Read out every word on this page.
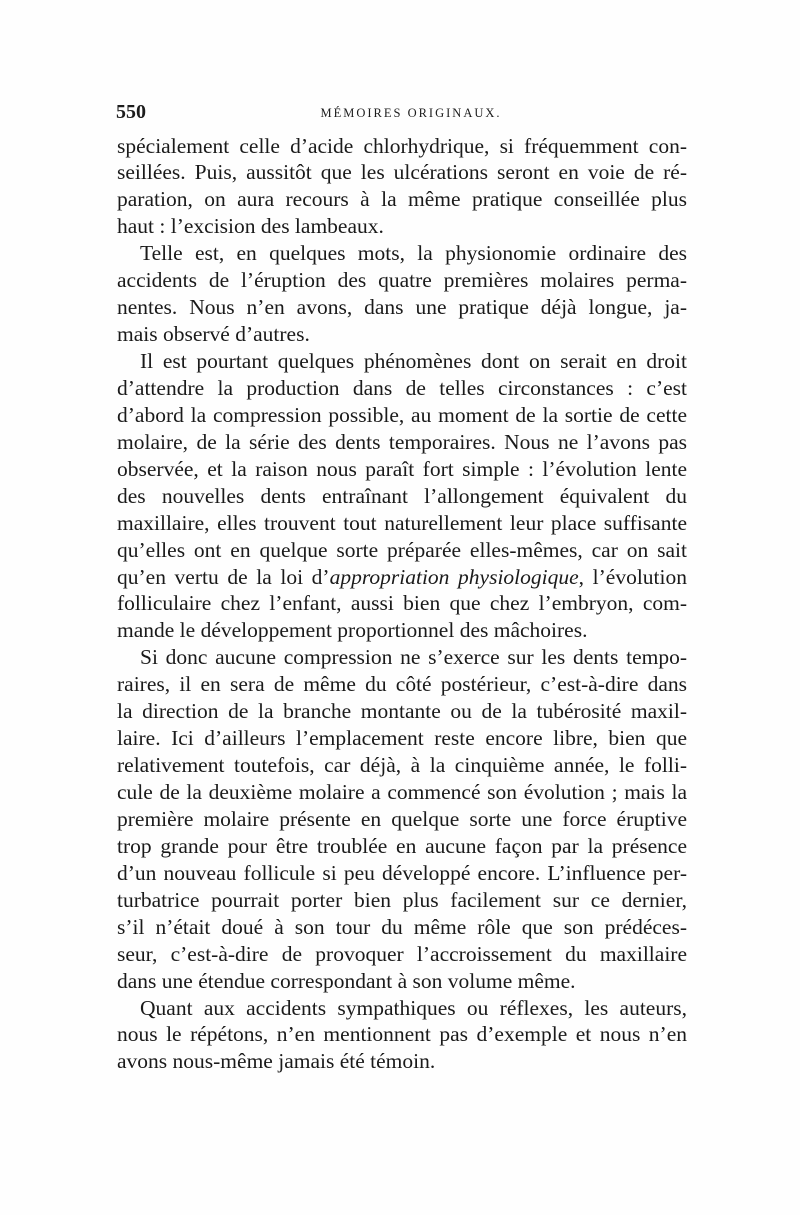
550	MÉMOIRES ORIGINAUX.
spécialement celle d’acide chlorhydrique, si fréquemment con-
seillées. Puis, aussitôt que les ulcérations seront en voie de ré-
paration, on aura recours à la même pratique conseillée plus
haut : l’excision des lambeaux.
Telle est, en quelques mots, la physionomie ordinaire des
accidents de l’éruption des quatre premières molaires perma-
nentes. Nous n’en avons, dans une pratique déjà longue, ja-
mais observé d’autres.
Il est pourtant quelques phénomènes dont on serait en droit
d’attendre la production dans de telles circonstances : c’est
d’abord la compression possible, au moment de la sortie de cette
molaire, de la série des dents temporaires. Nous ne l’avons pas
observée, et la raison nous paraît fort simple : l’évolution lente
des nouvelles dents entraînant l’allongement équivalent du
maxillaire, elles trouvent tout naturellement leur place suffisante
qu’elles ont en quelque sorte préparée elles-mêmes, car on sait
qu’en vertu de la loi d’appropriation physiologique, l’évolution
folliculaire chez l’enfant, aussi bien que chez l’embryon, com-
mande le développement proportionnel des mâchoires.
Si donc aucune compression ne s’exerce sur les dents tempo-
raires, il en sera de même du côté postérieur, c’est-à-dire dans
la direction de la branche montante ou de la tubérosité maxil-
laire. Ici d’ailleurs l’emplacement reste encore libre, bien que
relativement toutefois, car déjà, à la cinquième année, le folli-
cule de la deuxième molaire a commencé son évolution ; mais la
première molaire présente en quelque sorte une force éruptive
trop grande pour être troublée en aucune façon par la présence
d’un nouveau follicule si peu développé encore. L’influence per-
turbatrice pourrait porter bien plus facilement sur ce dernier,
s’il n’était doué à son tour du même rôle que son prédéces-
seur, c’est-à-dire de provoquer l’accroissement du maxillaire
dans une étendue correspondant à son volume même.
Quant aux accidents sympathiques ou réflexes, les auteurs,
nous le répétons, n’en mentionnent pas d’exemple et nous n’en
avons nous-même jamais été témoin.
